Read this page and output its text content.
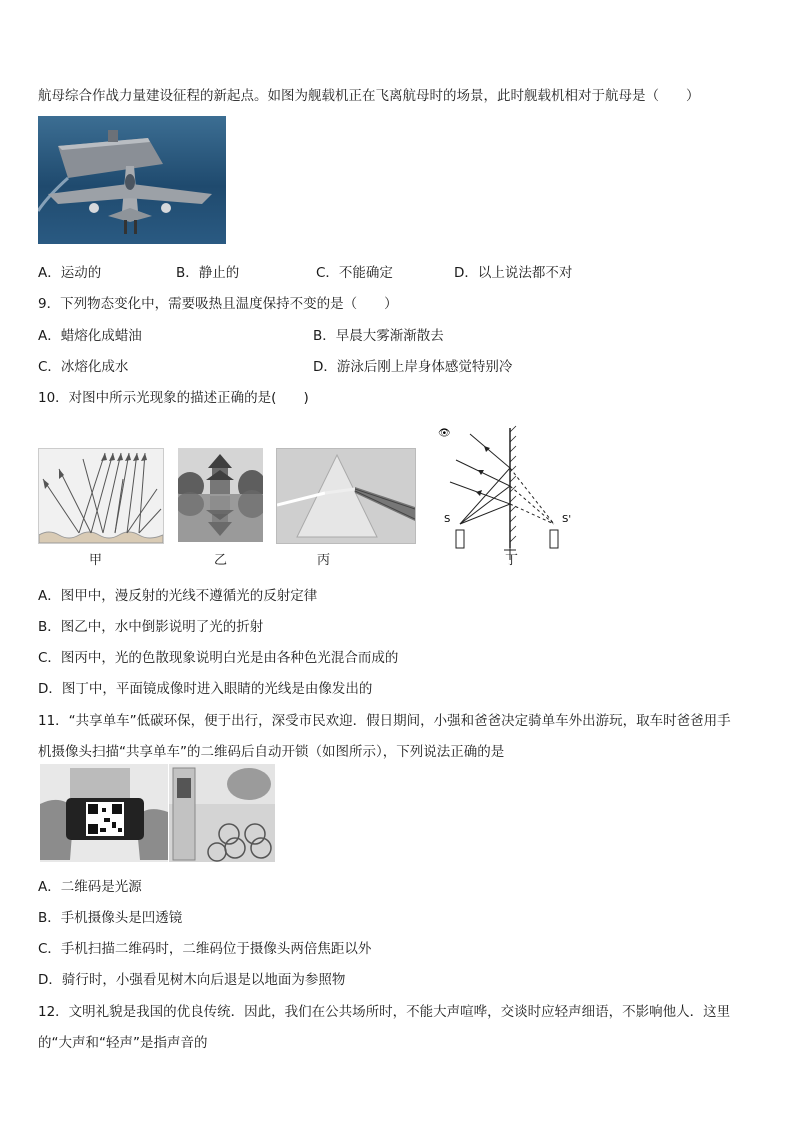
航母综合作战力量建设征程的新起点。如图为舰载机正在飞离航母时的场景，此时舰载机相对于航母是（　　）
A．运动的	B．静止的	C．不能确定	D．以上说法都不对
9．下列物态变化中，需要吸热且温度保持不变的是（　　）
A．蜡熔化成蜡油	B．早晨大雾渐渐散去
C．冰熔化成水	D．游泳后刚上岸身体感觉特别冷
10．对图中所示光现象的描述正确的是(　　)
甲	乙	丙
S	S'
👁
丁
A．图甲中，漫反射的光线不遵循光的反射定律
B．图乙中，水中倒影说明了光的折射
C．图丙中，光的色散现象说明白光是由各种色光混合而成的
D．图丁中，平面镜成像时进入眼睛的光线是由像发出的
11．“共享单车”低碳环保，便于出行，深受市民欢迎．假日期间，小强和爸爸决定骑单车外出游玩，取车时爸爸用手
机摄像头扫描“共享单车”的二维码后自动开锁（如图所示），下列说法正确的是
A．二维码是光源
B．手机摄像头是凹透镜
C．手机扫描二维码时，二维码位于摄像头两倍焦距以外
D．骑行时，小强看见树木向后退是以地面为参照物
12．文明礼貌是我国的优良传统．因此，我们在公共场所时，不能大声喧哗，交谈时应轻声细语，不影响他人．这里
的“大声和“轻声”是指声音的
